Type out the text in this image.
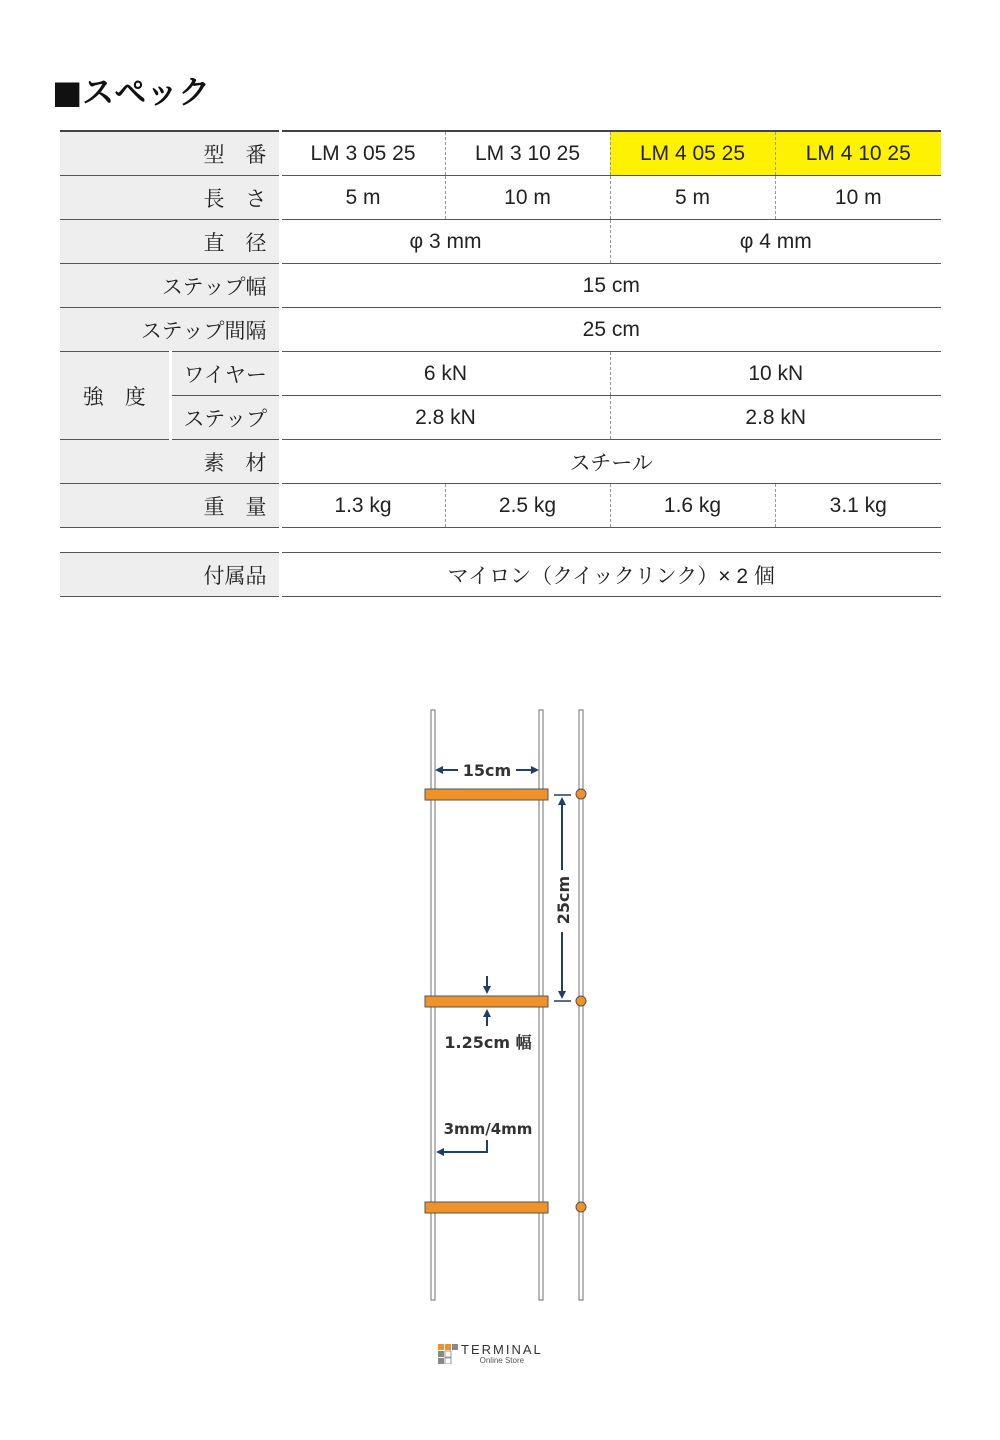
■スペック
型　番		LM 3 05 25	LM 3 10 25	LM 4 05 25	LM 4 10 25
長　さ		5 m	10 m	5 m	10 m
直　径		φ 3 mm		φ 4 mm	
ステップ幅		15 cm			
ステップ間隔		25 cm			
強　度	ワイヤー	6 kN		10 kN	
	ステップ	2.8 kN		2.8 kN	
素　材		スチール			
重　量		1.3 kg	2.5 kg	1.6 kg	3.1 kg

付属品		マイロン（クイックリンク）× 2 個			
15cm
25cm
1.25cm 幅
3mm/4mm
TERMINAL
Online Store
